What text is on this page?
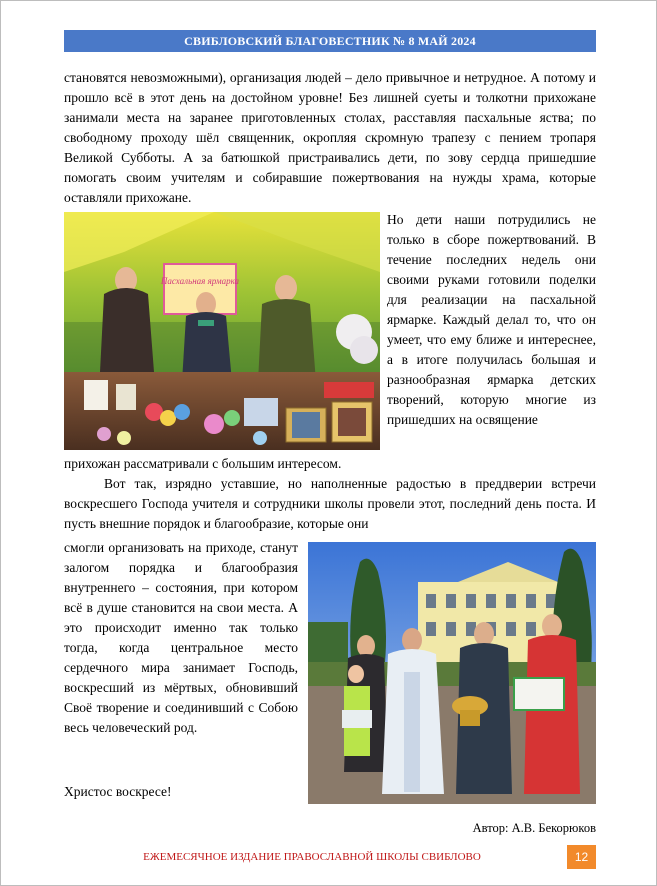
СВИБЛОВСКИЙ БЛАГОВЕСТНИК № 8 МАЙ 2024
становятся невозможными), организация людей – дело привычное и нетрудное. А потому и прошло всё в этот день на достойном уровне! Без лишней суеты и толкотни прихожане занимали места на заранее приготовленных столах, расставляя пасхальные яства; по свободному проходу шёл священник, окропляя скромную трапезу с пением тропаря Великой Субботы. А за батюшкой пристраивались дети, по зову сердца пришедшие помогать своим учителям и собиравшие пожертвования на нужды храма, которые оставляли прихожане.
Пасхальная ярмарка
Но дети наши потрудились не только в сборе пожертвований. В течение последних недель они своими руками готовили поделки для реализации на пасхальной ярмарке. Каждый делал то, что он умеет, что ему ближе и интереснее, а в итоге получилась большая и разнообразная ярмарка детских творений, которую многие из пришедших на освящение
прихожан рассматривали с большим интересом.
Вот так, изрядно уставшие, но наполненные радостью в преддверии встречи воскресшего Господа учителя и сотрудники школы провели этот, последний день поста. И пусть внешние порядок и благообразие, которые они
смогли организовать на приходе, станут залогом порядка и благообразия внутреннего – состояния, при котором всё в душе становится на свои места. А это происходит именно так только тогда, когда центральное место сердечного мира занимает Господь, воскресший из мёртвых, обновивший Своё творение и соединивший с Собою весь человеческий род.
Христос воскресе!
Автор: А.В. Бекорюков
ЕЖЕМЕСЯЧНОЕ ИЗДАНИЕ ПРАВОСЛАВНОЙ ШКОЛЫ СВИБЛОВО	12
